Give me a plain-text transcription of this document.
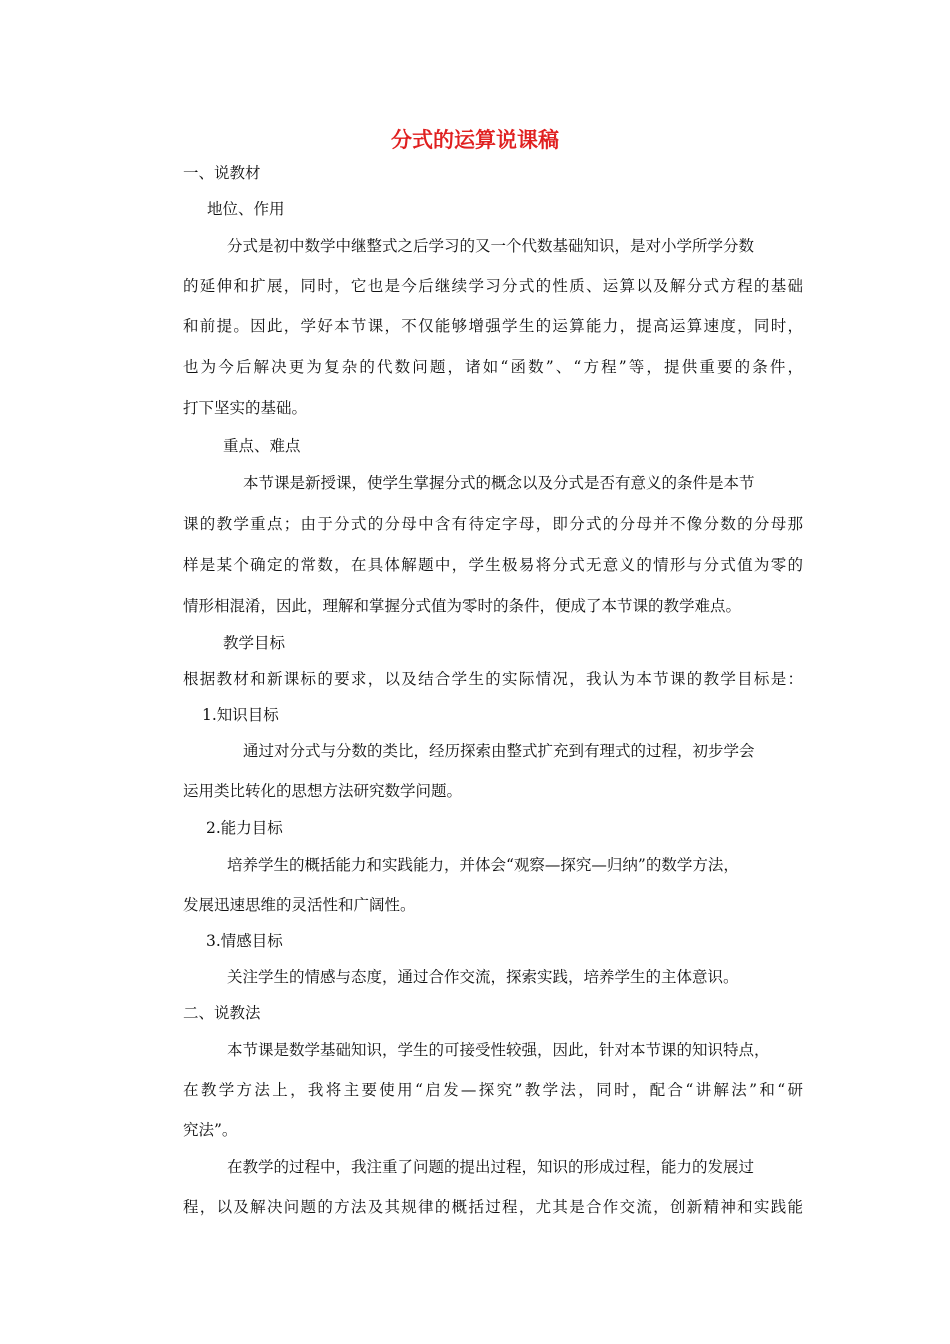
分式的运算说课稿
一、说教材
地位、作用
分式是初中数学中继整式之后学习的又一个代数基础知识，是对小学所学分数
的延伸和扩展，同时，它也是今后继续学习分式的性质、运算以及解分式方程的基础
和前提。因此，学好本节课，不仅能够增强学生的运算能力，提高运算速度，同时，
也为今后解决更为复杂的代数问题，诸如“函数”、“方程”等，提供重要的条件，
打下坚实的基础。
重点、难点
本节课是新授课，使学生掌握分式的概念以及分式是否有意义的条件是本节
课的教学重点；由于分式的分母中含有待定字母，即分式的分母并不像分数的分母那
样是某个确定的常数，在具体解题中，学生极易将分式无意义的情形与分式值为零的
情形相混淆，因此，理解和掌握分式值为零时的条件，便成了本节课的教学难点。
教学目标
根据教材和新课标的要求，以及结合学生的实际情况，我认为本节课的教学目标是：
1.知识目标
通过对分式与分数的类比，经历探索由整式扩充到有理式的过程，初步学会
运用类比转化的思想方法研究数学问题。
2.能力目标
培养学生的概括能力和实践能力，并体会“观察—探究—归纳”的数学方法，
发展迅速思维的灵活性和广阔性。
3.情感目标
关注学生的情感与态度，通过合作交流，探索实践，培养学生的主体意识。
二、说教法
本节课是数学基础知识，学生的可接受性较强，因此，针对本节课的知识特点，
在教学方法上，我将主要使用“启发—探究”教学法，同时，配合“讲解法”和“研
究法”。
在教学的过程中，我注重了问题的提出过程，知识的形成过程，能力的发展过
程，以及解决问题的方法及其规律的概括过程，尤其是合作交流，创新精神和实践能
